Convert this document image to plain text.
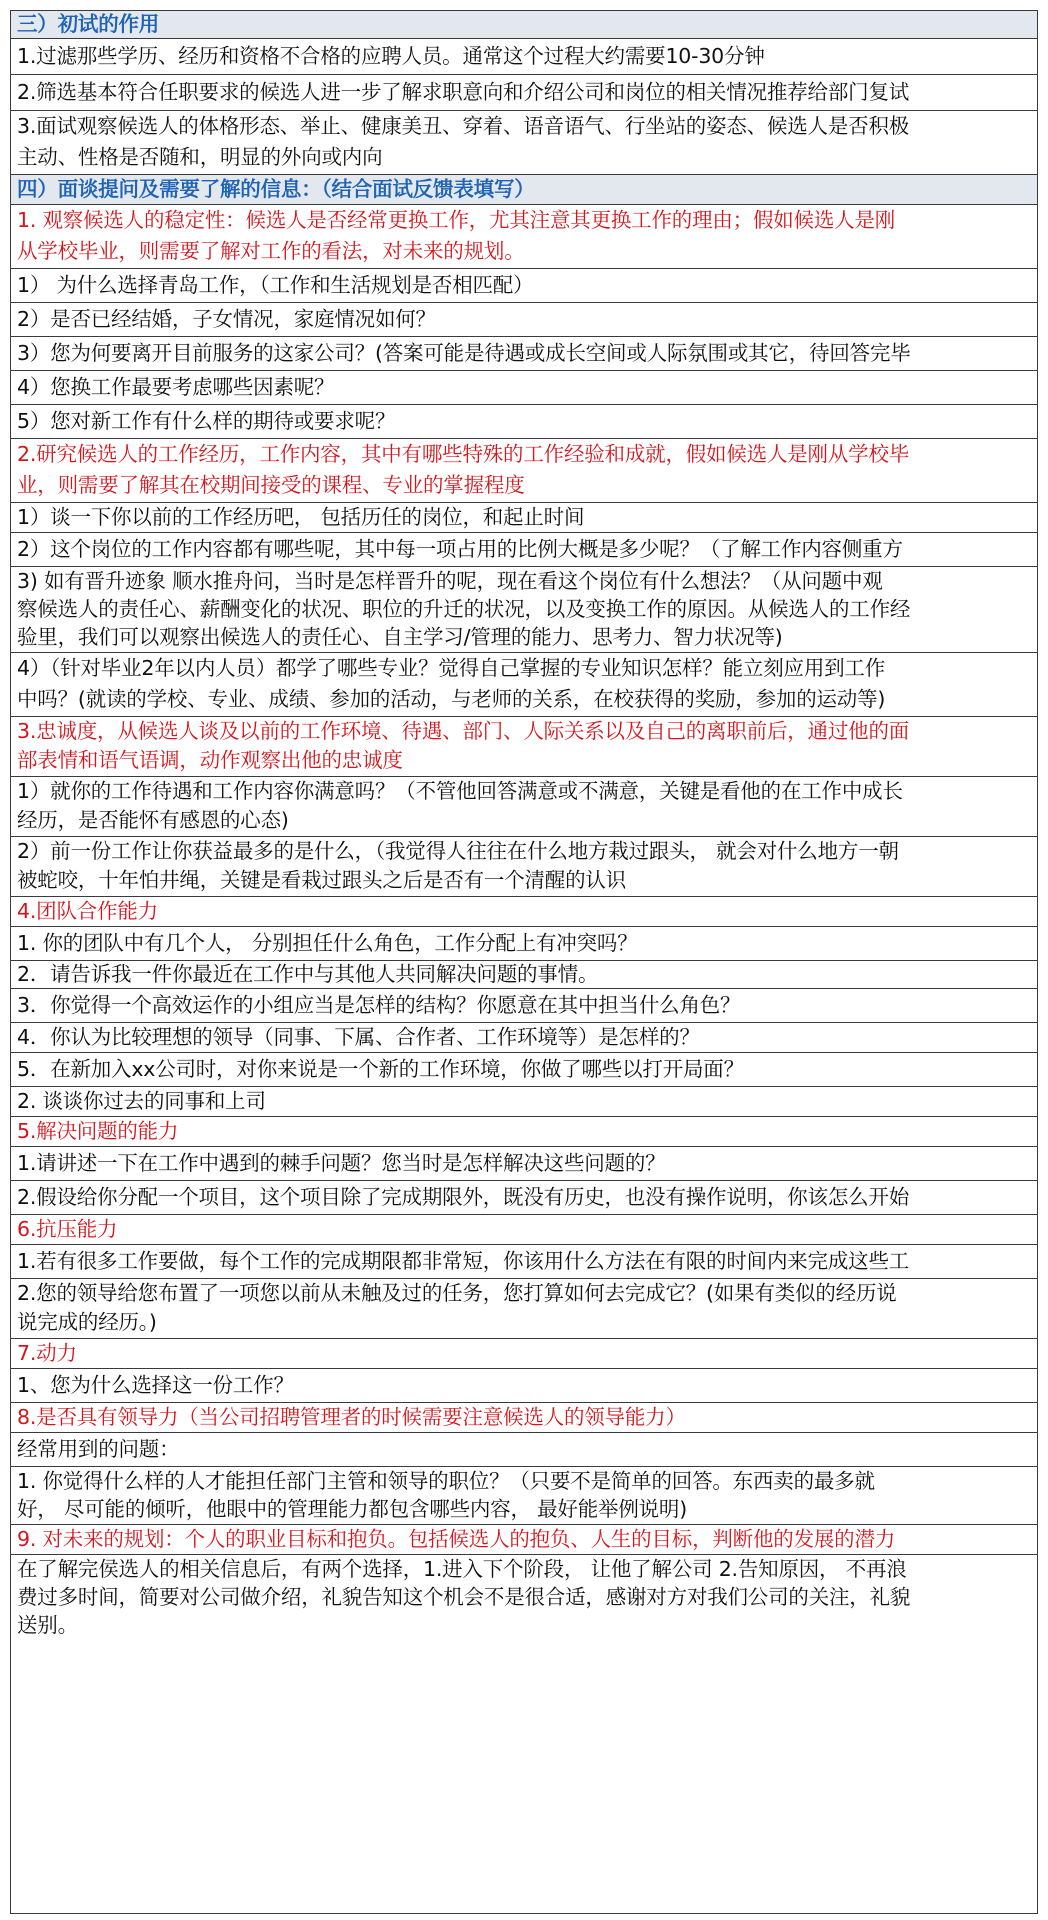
三）初试的作用
1.过滤那些学历、经历和资格不合格的应聘人员。通常这个过程大约需要10-30分钟
2.筛选基本符合任职要求的候选人进一步了解求职意向和介绍公司和岗位的相关情况推荐给部门复试
3.面试观察候选人的体格形态、举止、健康美丑、穿着、语音语气、行坐站的姿态、候选人是否积极
主动、性格是否随和，明显的外向或内向
四）面谈提问及需要了解的信息：（结合面试反馈表填写）
1. 观察候选人的稳定性：候选人是否经常更换工作，尤其注意其更换工作的理由；假如候选人是刚
从学校毕业，则需要了解对工作的看法，对未来的规划。
1） 为什么选择青岛工作，（工作和生活规划是否相匹配）
2）是否已经结婚，子女情况，家庭情况如何？
3）您为何要离开目前服务的这家公司？(答案可能是待遇或成长空间或人际氛围或其它，待回答完毕
4）您换工作最要考虑哪些因素呢？
5）您对新工作有什么样的期待或要求呢？
2.研究候选人的工作经历，工作内容，其中有哪些特殊的工作经验和成就，假如候选人是刚从学校毕
业，则需要了解其在校期间接受的课程、专业的掌握程度
1）谈一下你以前的工作经历吧， 包括历任的岗位，和起止时间
2）这个岗位的工作内容都有哪些呢，其中每一项占用的比例大概是多少呢？（了解工作内容侧重方
3) 如有晋升迹象 顺水推舟问，当时是怎样晋升的呢，现在看这个岗位有什么想法？（从问题中观
察候选人的责任心、薪酬变化的状况、职位的升迁的状况，以及变换工作的原因。从候选人的工作经
验里，我们可以观察出候选人的责任心、自主学习/管理的能力、思考力、智力状况等)
4）（针对毕业2年以内人员）都学了哪些专业？觉得自己掌握的专业知识怎样？能立刻应用到工作
中吗？(就读的学校、专业、成绩、参加的活动，与老师的关系，在校获得的奖励，参加的运动等)
3.忠诚度，从候选人谈及以前的工作环境、待遇、部门、人际关系以及自己的离职前后，通过他的面
部表情和语气语调，动作观察出他的忠诚度
1）就你的工作待遇和工作内容你满意吗？（不管他回答满意或不满意，关键是看他的在工作中成长
经历，是否能怀有感恩的心态)
2）前一份工作让你获益最多的是什么，（我觉得人往往在什么地方栽过跟头， 就会对什么地方一朝
被蛇咬，十年怕井绳，关键是看栽过跟头之后是否有一个清醒的认识
4.团队合作能力
1. 你的团队中有几个人， 分别担任什么角色，工作分配上有冲突吗？
2．请告诉我一件你最近在工作中与其他人共同解决问题的事情。
3．你觉得一个高效运作的小组应当是怎样的结构？你愿意在其中担当什么角色？
4．你认为比较理想的领导（同事、下属、合作者、工作环境等）是怎样的？
5．在新加入xx公司时，对你来说是一个新的工作环境，你做了哪些以打开局面？
2. 谈谈你过去的同事和上司
5.解决问题的能力
1.请讲述一下在工作中遇到的棘手问题？您当时是怎样解决这些问题的？
2.假设给你分配一个项目，这个项目除了完成期限外，既没有历史，也没有操作说明，你该怎么开始
6.抗压能力
1.若有很多工作要做，每个工作的完成期限都非常短，你该用什么方法在有限的时间内来完成这些工
2.您的领导给您布置了一项您以前从未触及过的任务，您打算如何去完成它？(如果有类似的经历说
说完成的经历。)
7.动力
1、您为什么选择这一份工作？
8.是否具有领导力（当公司招聘管理者的时候需要注意候选人的领导能力）
经常用到的问题：
1. 你觉得什么样的人才能担任部门主管和领导的职位？（只要不是简单的回答。东西卖的最多就
好， 尽可能的倾听，他眼中的管理能力都包含哪些内容， 最好能举例说明)
9. 对未来的规划：个人的职业目标和抱负。包括候选人的抱负、人生的目标，判断他的发展的潜力
在了解完侯选人的相关信息后，有两个选择，1.进入下个阶段， 让他了解公司 2.告知原因， 不再浪
费过多时间，简要对公司做介绍，礼貌告知这个机会不是很合适，感谢对方对我们公司的关注，礼貌
送别。
